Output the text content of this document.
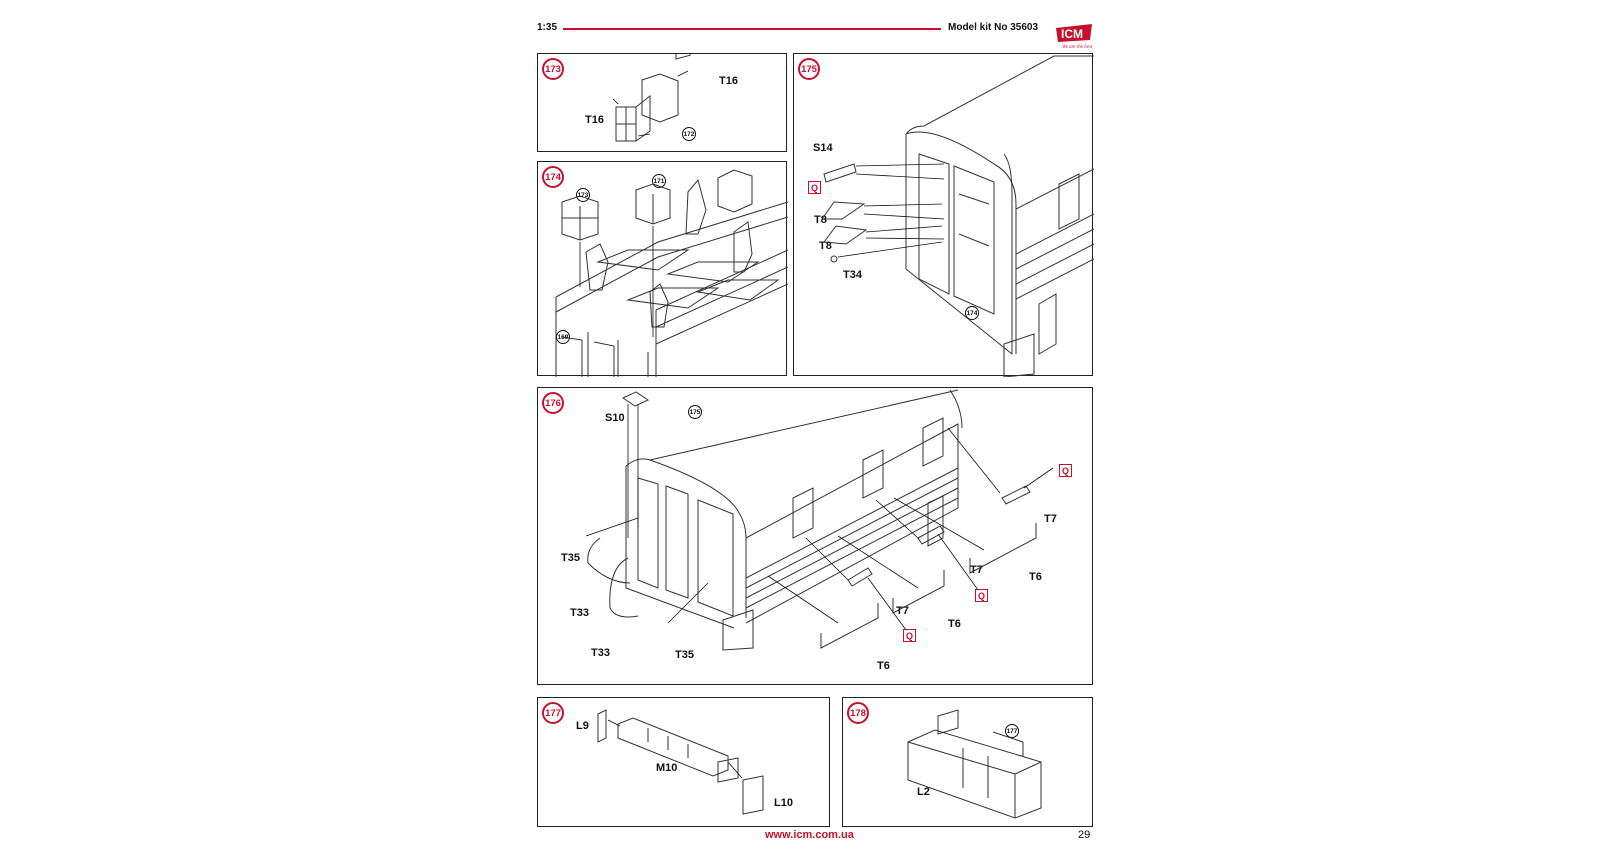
1:35	Model kit No 35603 ICM
We are the best
173
T16
T16
172
174
173
171
169
175
S14
Q
T8
T8
T34
174
176
175
S10
T35
T33
T33	T35
T7
T7
T7
T6
T6
T6
Q
Q
Q
177
L9
M10
L10
178
177
L2
www.icm.com.ua	29
